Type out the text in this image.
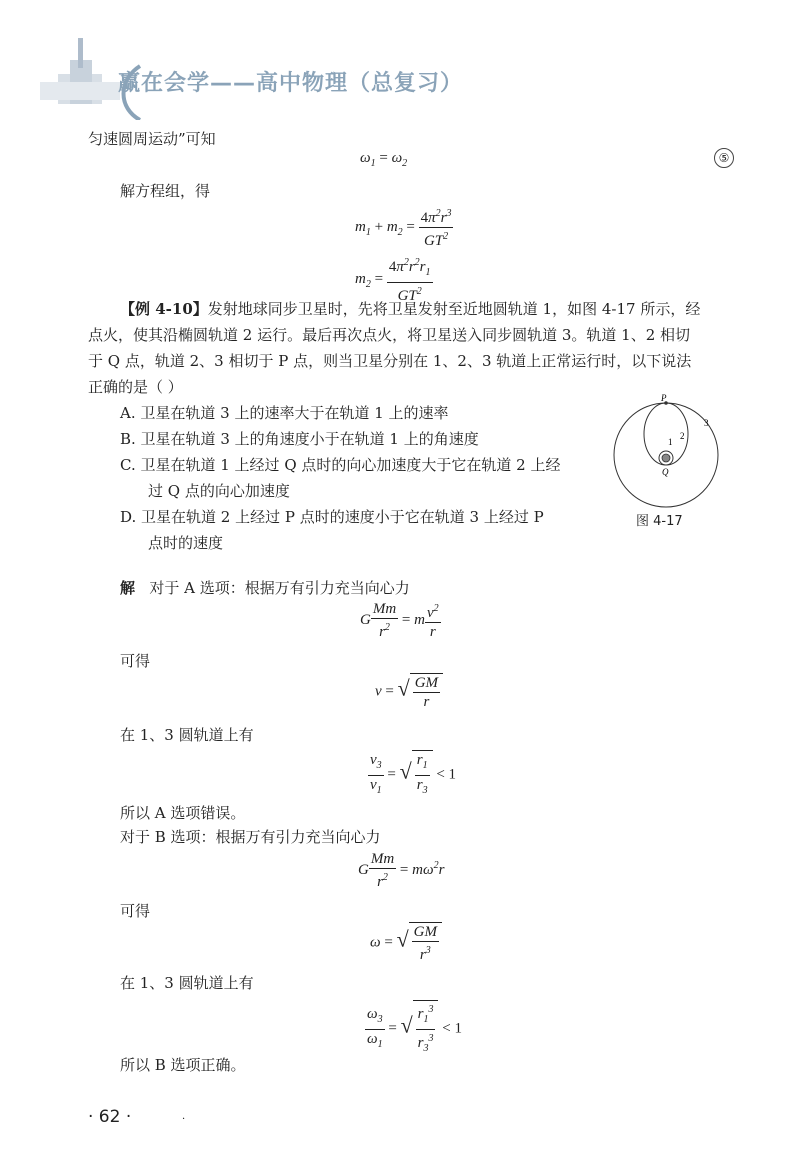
赢在会学——高中物理（总复习）
匀速圆周运动”可知
$\omega_1 = \omega_2$	⑤
解方程组，得
$m_1 + m_2 = \frac{4\pi^2r^3}{GT^2}$
$m_2 = \frac{4\pi^2r^2r_1}{GT^2}$
【例 4-10】发射地球同步卫星时，先将卫星发射至近地圆轨道 1，如图 4-17 所示，经
点火，使其沿椭圆轨道 2 运行。最后再次点火，将卫星送入同步圆轨道 3。轨道 1、2 相切
于 Q 点，轨道 2、3 相切于 P 点，则当卫星分别在 1、2、3 轨道上正常运行时，以下说法
正确的是（ ）
A. 卫星在轨道 3 上的速率大于在轨道 1 上的速率
B. 卫星在轨道 3 上的角速度小于在轨道 1 上的角速度
C. 卫星在轨道 1 上经过 Q 点时的向心加速度大于它在轨道 2 上经
过 Q 点的向心加速度
D. 卫星在轨道 2 上经过 P 点时的速度小于它在轨道 3 上经过 P
点时的速度
P
Q
1
2
3
图 4-17
解 对于 A 选项：根据万有引力充当向心力
G $\frac{Mm}{r^2} = m \frac{v^2}{r}$
可得
v = √ $\frac{GM}{r}$
在 1、3 圆轨道上有
$\frac{v_3}{v_1}$ = √ $\frac{r_1}{r_3} < 1$
所以 A 选项错误。
对于 B 选项：根据万有引力充当向心力
G $\frac{Mm}{r^2} = m\omega^2r$
可得
ω = √ $\frac{GM}{r^3}$
在 1、3 圆轨道上有
$\frac{\omega_3}{\omega_1}$ = √ $\frac{r_1^3}{r_3^3} < 1$
所以 B 选项正确。
· 62 ·	·
